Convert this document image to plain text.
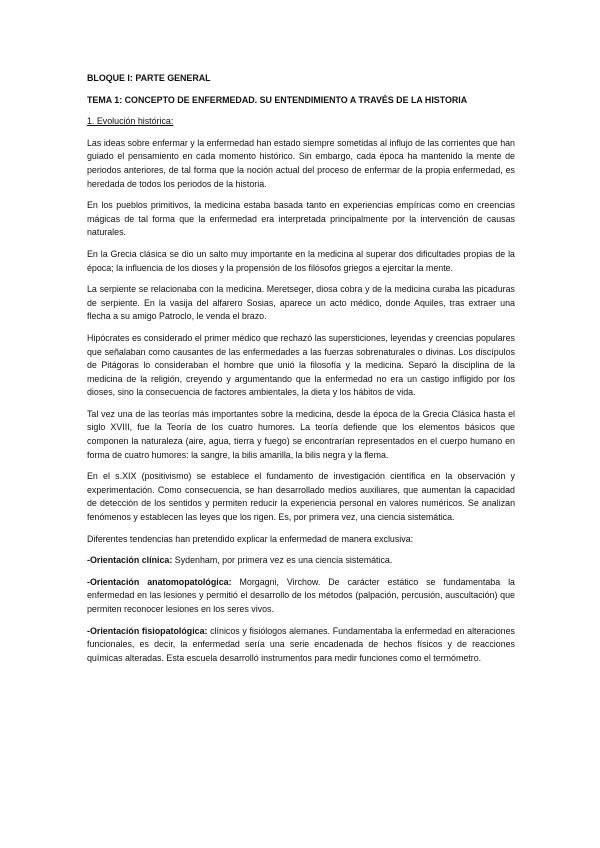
BLOQUE I: PARTE GENERAL
TEMA 1: CONCEPTO DE ENFERMEDAD. SU ENTENDIMIENTO A TRAVÉS DE LA HISTORIA
1. Evolución histórica:
Las ideas sobre enfermar y la enfermedad han estado siempre sometidas al influjo de las corrientes que han guiado el pensamiento en cada momento histórico. Sin embargo, cada época ha mantenido la mente de periodos anteriores, de tal forma que la noción actual del proceso de enfermar de la propia enfermedad, es heredada de todos los periodos de la historia.
En los pueblos primitivos, la medicina estaba basada tanto en experiencias empíricas como en creencias mágicas de tal forma que la enfermedad era interpretada principalmente por la intervención de causas naturales.
En la Grecia clásica se dio un salto muy importante en la medicina al superar dos dificultades propias de la época; la influencia de los dioses y la propensión de los filósofos griegos a ejercitar la mente.
La serpiente se relacionaba con la medicina. Meretseger, diosa cobra y de la medicina curaba las picaduras de serpiente. En la vasija del alfarero Sosias, aparece un acto médico, donde Aquiles, tras extraer una flecha a su amigo Patroclo, le venda el brazo.
Hipócrates es considerado el primer médico que rechazó las supersticiones, leyendas y creencias populares que señalaban como causantes de las enfermedades a las fuerzas sobrenaturales o divinas. Los discípulos de Pitágoras lo consideraban el hombre que unió la filosofía y la medicina. Separó la disciplina de la medicina de la religión, creyendo y argumentando que la enfermedad no era un castigo infligido por los dioses, sino la consecuencia de factores ambientales, la dieta y los hábitos de vida.
Tal vez una de las teorías más importantes sobre la medicina, desde la época de la Grecia Clásica hasta el siglo XVIII, fue la Teoría de los cuatro humores. La teoría defiende que los elementos básicos que componen la naturaleza (aire, agua, tierra y fuego) se encontrarían representados en el cuerpo humano en forma de cuatro humores: la sangre, la bilis amarilla, la bilis negra y la flema.
En el s.XIX (positivismo) se establece el fundamento de investigación científica en la observación y experimentación. Como consecuencia, se han desarrollado medios auxiliares, que aumentan la capacidad de detección de los sentidos y permiten reducir la experiencia personal en valores numéricos. Se analizan fenómenos y establecen las leyes que los rigen. Es, por primera vez, una ciencia sistemática.
Diferentes tendencias han pretendido explicar la enfermedad de manera exclusiva:
-Orientación clínica: Sydenham, por primera vez es una ciencia sistemática.
-Orientación anatomopatológica: Morgagni, Virchow. De carácter estático se fundamentaba la enfermedad en las lesiones y permitió el desarrollo de los métodos (palpación, percusión, auscultación) que permiten reconocer lesiones en los seres vivos.
-Orientación fisiopatológica: clínicos y fisiólogos alemanes. Fundamentaba la enfermedad en alteraciones funcionales, es decir, la enfermedad sería una serie encadenada de hechos físicos y de reacciones químicas alteradas. Esta escuela desarrolló instrumentos para medir funciones como el termómetro.
